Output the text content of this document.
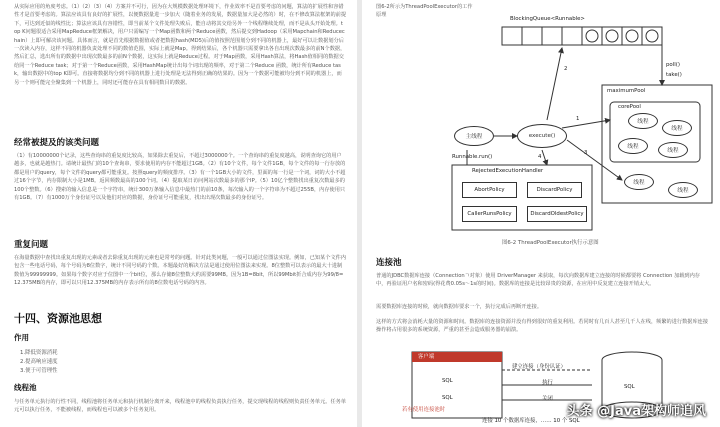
从实际应用的角度考虑。（1）（2）（3）（4）方案并不可行，因为在大规模数据处理环境下，作业效率不是首要考虑的问题，算法的扩展性和容错性才是首要考虑的。算法应该具有良好的扩展性，以便数据量进一步加大（随着业务的发展，数据量加大是必然的）时，在不修改算法框架的前提下，可达到近似的线性比；算法应该具有容错性，即当前某个文件处理失败后，能自动将其交给另外一个线程继续处理，而不是从头开始处理。top K问题很适合采用MapReduce框架解决，用户只需编写一个Map函数和两个Reduce函数，然后提交到Hadoop（采用Mapchain和Reducechain）上即可解决该问题。具体而言，就是首先根据数据值或者把数据hash(MD5)后的值按照范围划分到不同的机器上，最好可以让数据划分后一次读入内存，这样不同的机器负责处理不同的数值范围，实际上就是Map。得到结果后，各个机器只需要拿出各自出现次数最多的前N个数据，然后汇总，选出所有的数据中出现次数最多的前N个数据，这实际上就是Reduce过程。对于Map函数，采用Hash算法，将Hash值相同的数据交给同一个Reduce task；对于第一个Reduce函数，采用HashMap统计出每个词出现的频率，对于第二个Reduce 函数，统计所有Reduce task，输出数据中的top K即可。直接将数据均分到不同的机器上进行处理是无法得到正确的结果的。因为一个数据可能被均分到不同的机器上，而另一个则可能完全聚集到一个机器上，同时还可能存在具有相同数目的数据。

经常被提及的该类问题

（1）有10000000个记录，这些查询串的重复度比较高，如果除去重复后，不超过3000000个。一个查询串的重复度越高，说明查询它的用户越多，也就是越热门。请统计最热门的10个查询串，要求使用的内存不能超过1GB。（2）有10个文件，每个文件1GB，每个文件的每一行存放的都是用户的query，每个文件的query都可能重复。按照query的频度排序。（3）有一个1GB大小的文件，里面的每一行是一个词，词的大小不超过16个字节，内存限制大小是1MB。返回频数最高的100个词。（4）提取某日访问网站次数最多的那个IP。（5）10亿个整数找出重复次数最多的100个整数。（6）搜索的输入信息是一个字符串，统计300万条输入信息中最热门的前10条，每次输入的一个字符串为不超过255B，内存使用只有1GB。（7）有1000万个身份证号以及他们对应的数据，身份证号可能重复，找出出现次数最多的身份证号。

重复问题

在海量数据中查找出重复出现的元素或者去除重复出现的元素也是常考的问题。针对此类问题，一般可以通过位图法实现。例如，已知某个文件内包含一些电话号码，每个号码为8位数字，统计不同号码的个数。本题最好的解决方法是通过使用位图法来实现。8位整数可以表示的最大十进制数值为99999999。如果每个数字对应于位图中一个bit位，那么存储8位整数大约需要99MB。因为1B=8bit，所以99Mbit折合成内存为99/8=12.375MB的内存，即可以只用12.375MB的内存表示所有的8位数电话号码的内容。

十四、资源池思想

作用

1.降低资源消耗

2.提高响应速度

3.便于可管理性

线程池

与任务单元执行的行性不同，线程池将任务单元和执行机制分离开来，线程池中的线程负责执行任务，提交现线程的线程则负责任务单元。任务单元可以执行任务，不能被线程，而线程也可以被多个任务复用。

图6-2所示为ThreadPoolExecutor的工作原理

BlockingQueue<Runnable>
主线程	execute()
Runnable.run()
maximumPool
corePool
poll()
take()
线程
线程
线程
线程
线程
线程
2
1
3
4
RejectedExecutionHandler
AbortPolicy	DiscardPolicy
CallerRunsPolicy	DiscardOldestPolicy
图6-2 ThreadPoolExecutor执行示意图

连接池

普通的JDBC数据库连接（Connectionㄱ对象）使用 DriverManager 来获取，每次向数据库建立连接的时候都要将 Connection 加载到内存中，再验证用户名和密码(得花费0.05s～1s的时间)。数据库的连接是比较昂贵的资源，在应用中反复建立连接开销太大。

需要数据库连接的时候，就向数据库要求一个，执行完成后再断开连接。

这样的方式将会消耗大量的资源和时间。数据库的连接资源并没有得到很好的重复利用。若同时有几百人甚至几千人在线，频繁的进行数据库连接操作将占用很多的系统资源，严重的甚至会造成服务器的崩溃。

客户端
建立连接（身份认证）
SQL
SQL
执行
关闭
SQL
若有使用连接池时
连接 10 个数据库连接，…… 10 个 SQL
头条 @Java架构师追风
